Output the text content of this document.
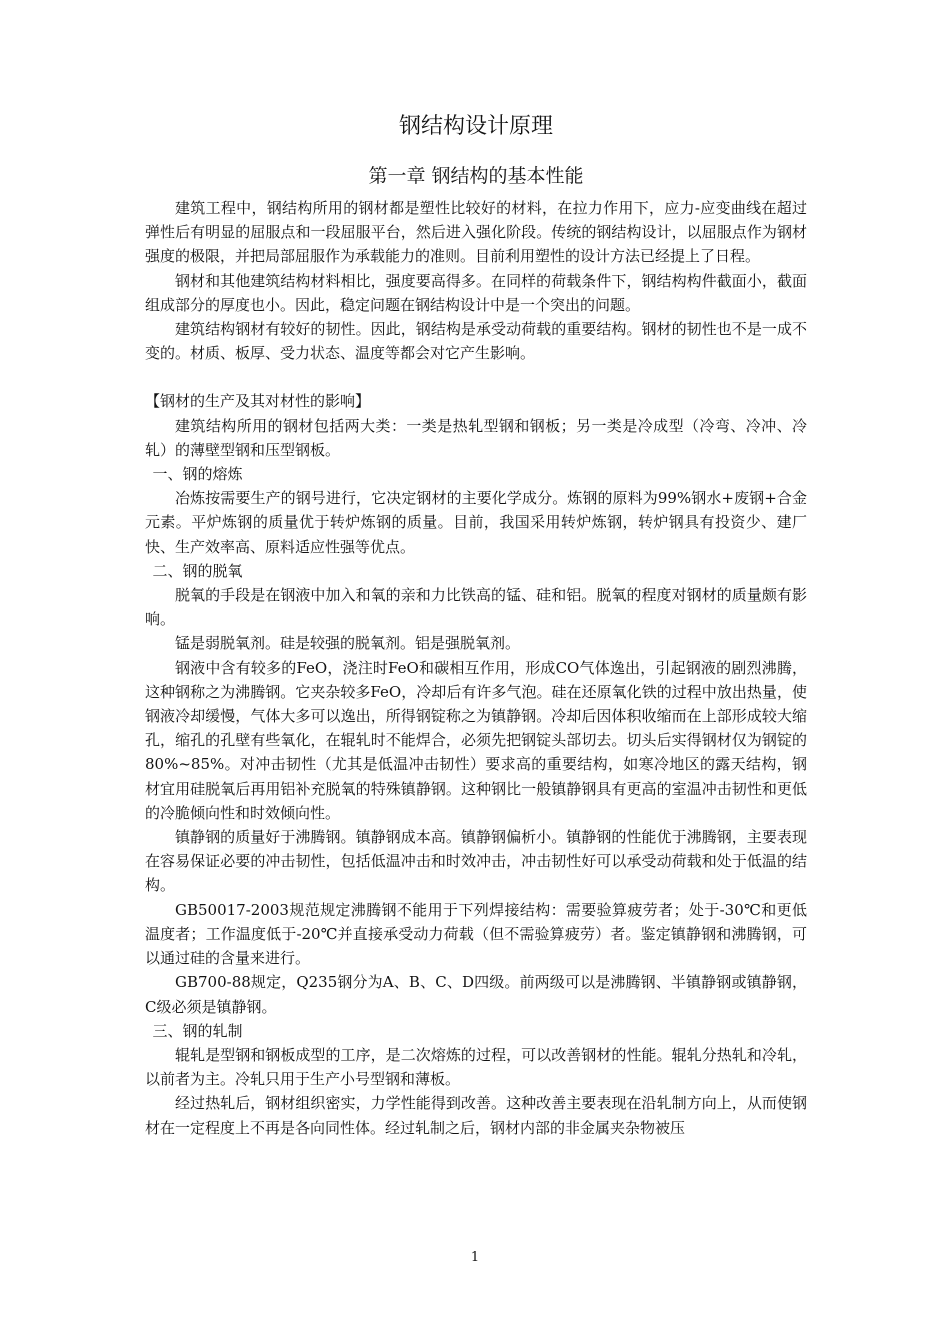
钢结构设计原理
第一章 钢结构的基本性能

建筑工程中，钢结构所用的钢材都是塑性比较好的材料，在拉力作用下，应力-应变曲线在超过弹性后有明显的屈服点和一段屈服平台，然后进入强化阶段。传统的钢结构设计，以屈服点作为钢材强度的极限，并把局部屈服作为承载能力的准则。目前利用塑性的设计方法已经提上了日程。

钢材和其他建筑结构材料相比，强度要高得多。在同样的荷载条件下，钢结构构件截面小，截面组成部分的厚度也小。因此，稳定问题在钢结构设计中是一个突出的问题。

建筑结构钢材有较好的韧性。因此，钢结构是承受动荷载的重要结构。钢材的韧性也不是一成不变的。材质、板厚、受力状态、温度等都会对它产生影响。

【钢材的生产及其对材性的影响】

建筑结构所用的钢材包括两大类：一类是热轧型钢和钢板；另一类是冷成型（冷弯、冷冲、冷轧）的薄壁型钢和压型钢板。

一、钢的熔炼

冶炼按需要生产的钢号进行，它决定钢材的主要化学成分。炼钢的原料为99%钢水+废钢+合金元素。平炉炼钢的质量优于转炉炼钢的质量。目前，我国采用转炉炼钢，转炉钢具有投资少、建厂快、生产效率高、原料适应性强等优点。

二、钢的脱氧

脱氧的手段是在钢液中加入和氧的亲和力比铁高的锰、硅和铝。脱氧的程度对钢材的质量颇有影响。

锰是弱脱氧剂。硅是较强的脱氧剂。铝是强脱氧剂。

钢液中含有较多的FeO，浇注时FeO和碳相互作用，形成CO气体逸出，引起钢液的剧烈沸腾，这种钢称之为沸腾钢。它夹杂较多FeO，冷却后有许多气泡。硅在还原氧化铁的过程中放出热量，使钢液冷却缓慢，气体大多可以逸出，所得钢锭称之为镇静钢。冷却后因体积收缩而在上部形成较大缩孔，缩孔的孔壁有些氧化，在辊轧时不能焊合，必须先把钢锭头部切去。切头后实得钢材仅为钢锭的80%~85%。对冲击韧性（尤其是低温冲击韧性）要求高的重要结构，如寒冷地区的露天结构，钢材宜用硅脱氧后再用铝补充脱氧的特殊镇静钢。这种钢比一般镇静钢具有更高的室温冲击韧性和更低的冷脆倾向性和时效倾向性。

镇静钢的质量好于沸腾钢。镇静钢成本高。镇静钢偏析小。镇静钢的性能优于沸腾钢，主要表现在容易保证必要的冲击韧性，包括低温冲击和时效冲击，冲击韧性好可以承受动荷载和处于低温的结构。

GB50017-2003规范规定沸腾钢不能用于下列焊接结构：需要验算疲劳者；处于-30℃和更低温度者；工作温度低于-20℃并直接承受动力荷载（但不需验算疲劳）者。鉴定镇静钢和沸腾钢，可以通过硅的含量来进行。

GB700-88规定，Q235钢分为A、B、C、D四级。前两级可以是沸腾钢、半镇静钢或镇静钢，C级必须是镇静钢。

三、钢的轧制

辊轧是型钢和钢板成型的工序，是二次熔炼的过程，可以改善钢材的性能。辊轧分热轧和冷轧，以前者为主。冷轧只用于生产小号型钢和薄板。

经过热轧后，钢材组织密实，力学性能得到改善。这种改善主要表现在沿轧制方向上，从而使钢材在一定程度上不再是各向同性体。经过轧制之后，钢材内部的非金属夹杂物被压

1
